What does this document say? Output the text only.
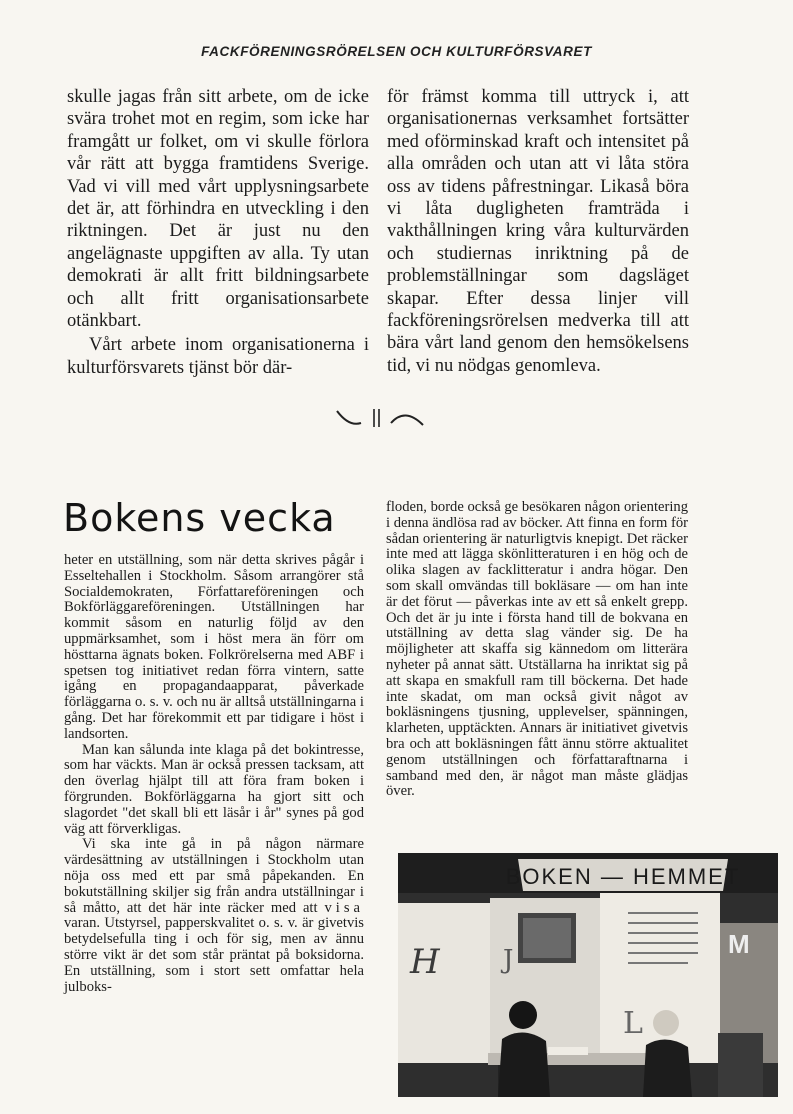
FACKFÖRENINGSRÖRELSEN OCH KULTURFÖRSVARET

skulle jagas från sitt arbete, om de icke svära trohet mot en regim, som icke har framgått ur folket, om vi skulle förlora vår rätt att bygga framtidens Sverige. Vad vi vill med vårt upplysningsarbete det är, att förhindra en utveckling i den riktningen. Det är just nu den angelägnaste uppgiften av alla. Ty utan demokrati är allt fritt bildningsarbete och allt fritt organisationsarbete otänkbart.

Vårt arbete inom organisationerna i kulturförsvarets tjänst bör där-

för främst komma till uttryck i, att organisationernas verksamhet fortsätter med oförminskad kraft och intensitet på alla områden och utan att vi låta störa oss av tidens påfrestningar. Likaså böra vi låta dugligheten framträda i vakthållningen kring våra kulturvärden och studiernas inriktning på de problemställningar som dagsläget skapar. Efter dessa linjer vill fackföreningsrörelsen medverka till att bära vårt land genom den hemsökelsens tid, vi nu nödgas genomleva.

Bokens vecka

heter en utställning, som när detta skrives pågår i Esseltehallen i Stockholm. Såsom arrangörer stå Socialdemokraten, Författareföreningen och Bokförläggareföreningen. Utställningen har kommit såsom en naturlig följd av den uppmärksamhet, som i höst mera än förr om hösttarna ägnats boken. Folkrörelserna med ABF i spetsen tog initiativet redan förra vintern, satte igång en propagandaapparat, påverkade förläggarna o. s. v. och nu är alltså utställningarna i gång. Det har förekommit ett par tidigare i höst i landsorten.

Man kan sålunda inte klaga på det bokintresse, som har väckts. Man är också pressen tacksam, att den överlag hjälpt till att föra fram boken i förgrunden. Bokförläggarna ha gjort sitt och slagordet "det skall bli ett läsår i år" synes på god väg att förverkligas.

Vi ska inte gå in på någon närmare värdesättning av utställningen i Stockholm utan nöja oss med ett par små påpekanden. En bokutställning skiljer sig från andra utställningar i så måtto, att det här inte räcker med att visa varan. Utstyrsel, papperskvalitet o. s. v. är givetvis betydelsefulla ting i och för sig, men av ännu större vikt är det som står präntat på boksidorna. En utställning, som i stort sett omfattar hela julboks-

floden, borde också ge besökaren någon orientering i denna ändlösa rad av böcker. Att finna en form för sådan orientering är naturligtvis knepigt. Det räcker inte med att lägga skönlitteraturen i en hög och de olika slagen av facklitteratur i andra högar. Den som skall omvändas till bokläsare — om han inte är det förut — påverkas inte av ett så enkelt grepp. Och det är ju inte i första hand till de bokvana en utställning av detta slag vänder sig. De ha möjligheter att skaffa sig kännedom om litterära nyheter på annat sätt. Utställarna ha inriktat sig på att skapa en smakfull ram till böckerna. Det hade inte skadat, om man också givit något av bokläsningens tjusning, upplevelser, spänningen, klarheten, upptäckten. Annars är initiativet givetvis bra och att bokläsningen fått ännu större aktualitet genom utställningen och författaraftnarna i samband med den, är något man måste glädjas över.

BOKEN — HEMMET
H J
L
M
